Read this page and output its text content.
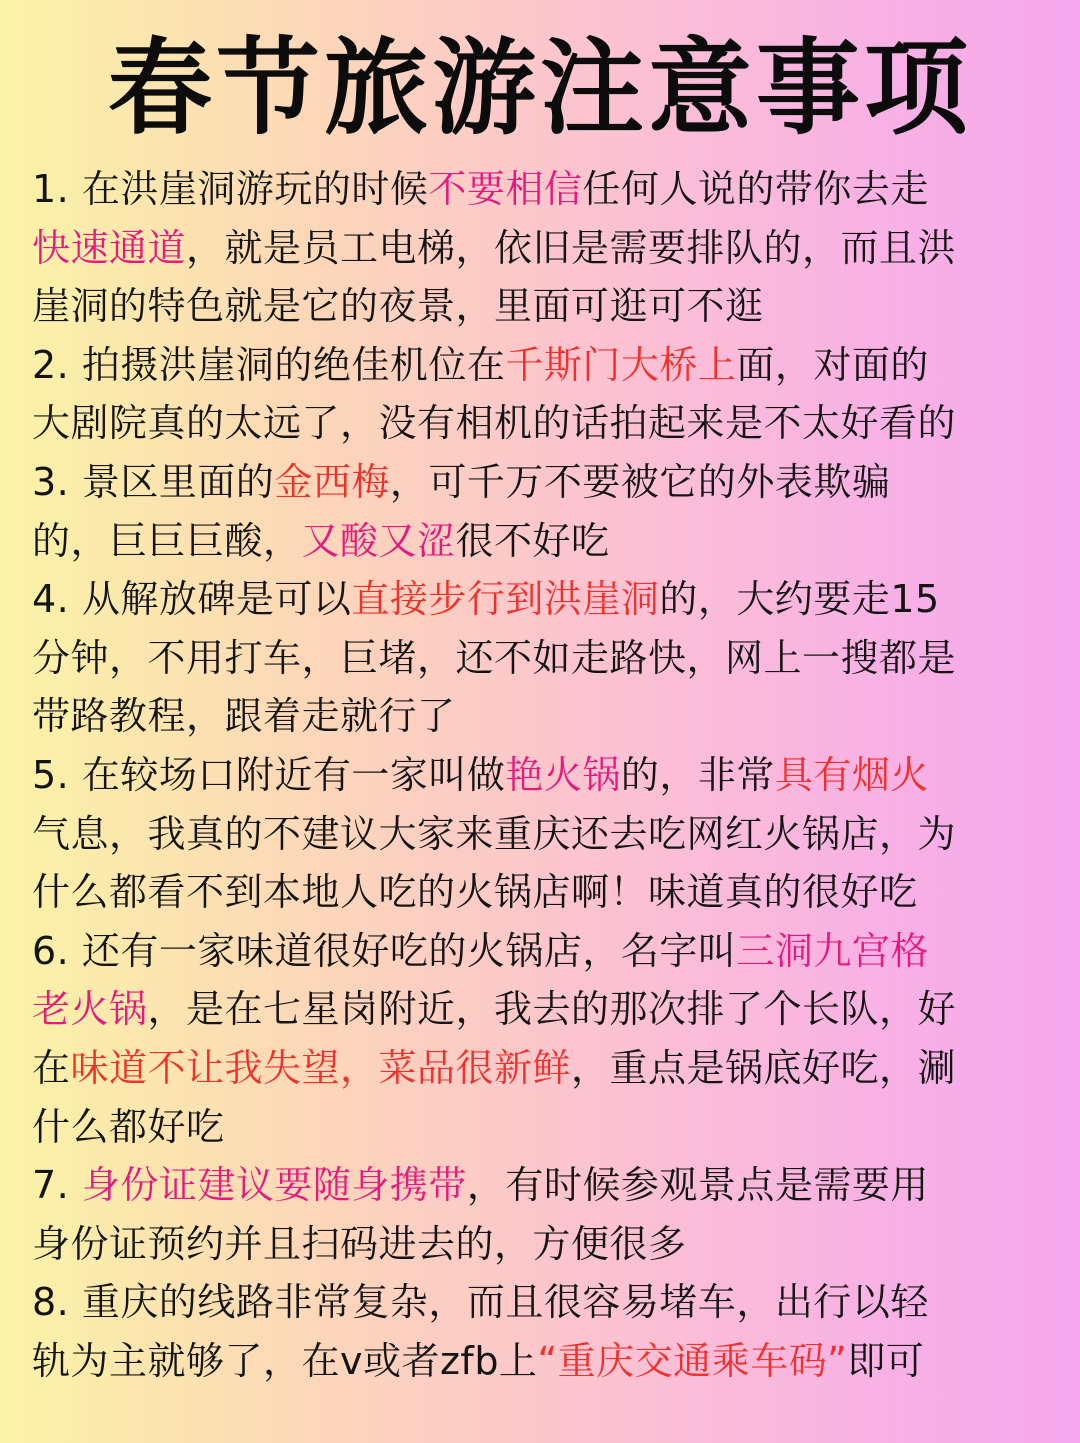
春节旅游注意事项
1. 在洪崖洞游玩的时候不要相信任何人说的带你去走
快速通道，就是员工电梯，依旧是需要排队的，而且洪
崖洞的特色就是它的夜景，里面可逛可不逛
2. 拍摄洪崖洞的绝佳机位在千斯门大桥上面，对面的
大剧院真的太远了，没有相机的话拍起来是不太好看的
3. 景区里面的金西梅，可千万不要被它的外表欺骗
的，巨巨巨酸，又酸又涩很不好吃
4. 从解放碑是可以直接步行到洪崖洞的，大约要走15
分钟，不用打车，巨堵，还不如走路快，网上一搜都是
带路教程，跟着走就行了
5. 在较场口附近有一家叫做艳火锅的，非常具有烟火
气息，我真的不建议大家来重庆还去吃网红火锅店，为
什么都看不到本地人吃的火锅店啊！味道真的很好吃
6. 还有一家味道很好吃的火锅店，名字叫三洞九宫格
老火锅，是在七星岗附近，我去的那次排了个长队，好
在味道不让我失望，菜品很新鲜，重点是锅底好吃，涮
什么都好吃
7. 身份证建议要随身携带，有时候参观景点是需要用
身份证预约并且扫码进去的，方便很多
8. 重庆的线路非常复杂，而且很容易堵车，出行以轻
轨为主就够了，在v或者zfb上“重庆交通乘车码”即可
